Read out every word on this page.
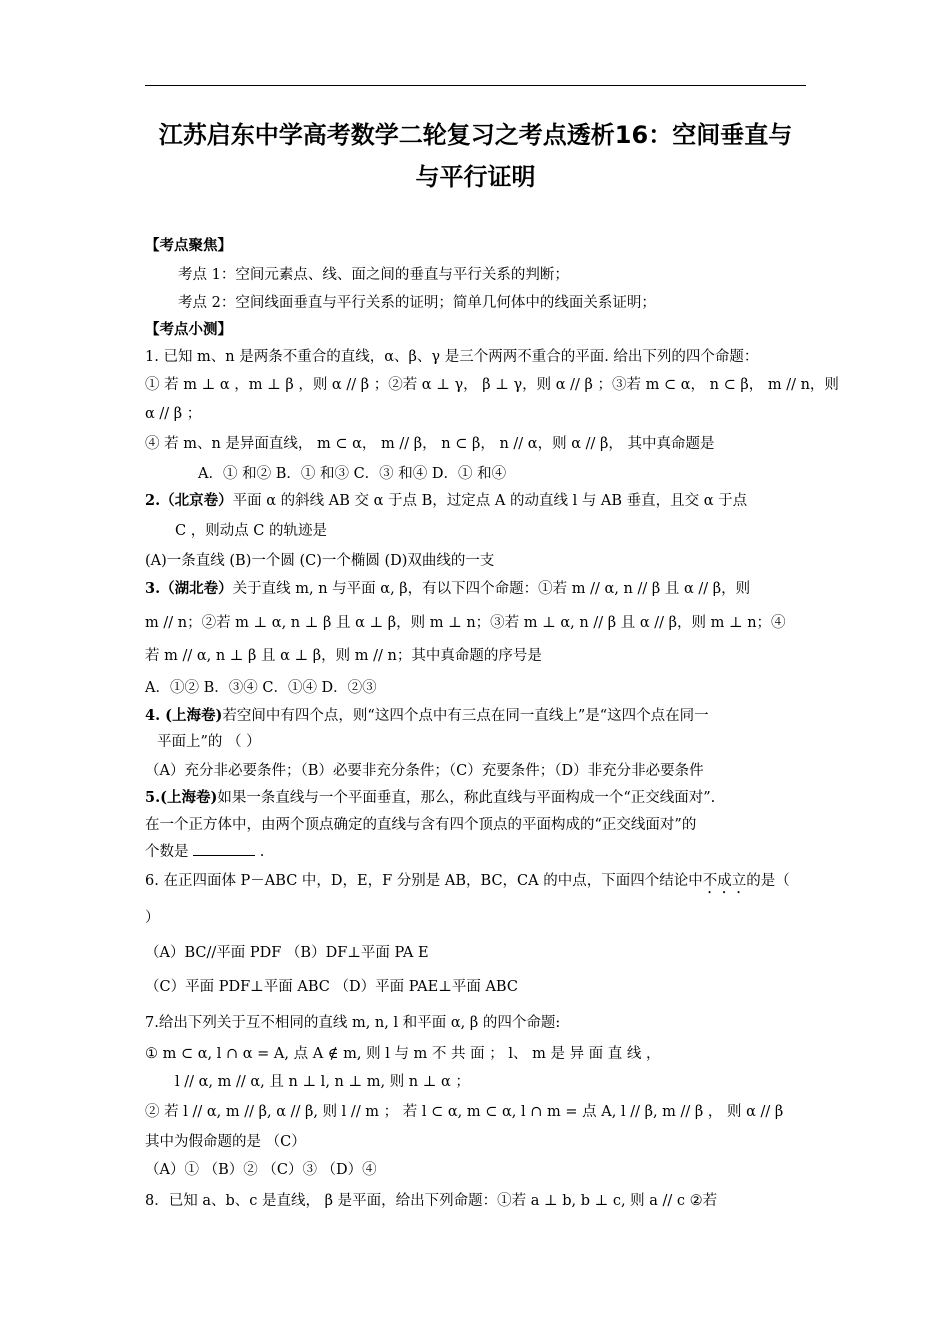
江苏启东中学高考数学二轮复习之考点透析16：空间垂直与
与平行证明
【考点聚焦】
考点 1：空间元素点、线、面之间的垂直与平行关系的判断；
考点 2：空间线面垂直与平行关系的证明；简单几何体中的线面关系证明；
【考点小测】
1. 已知 m、n 是两条不重合的直线，α、β、γ 是三个两两不重合的平面. 给出下列的四个命题：
① 若 m ⊥ α ，m ⊥ β ，则 α // β ；②若 α ⊥ γ， β ⊥ γ，则 α // β ；③若 m ⊂ α， n ⊂ β， m // n，则
α // β ；
④ 若 m、n 是异面直线， m ⊂ α， m // β， n ⊂ β， n // α，则 α // β， 其中真命题是
A．① 和② B．① 和③ C．③ 和④ D．① 和④
2.（北京卷）平面 α 的斜线 AB 交 α 于点 B，过定点 A 的动直线 l 与 AB 垂直，且交 α 于点
C ，则动点 C 的轨迹是
(A)一条直线 (B)一个圆 (C)一个椭圆 (D)双曲线的一支
3.（湖北卷）关于直线 m, n 与平面 α, β，有以下四个命题：①若 m // α, n // β 且 α // β，则
m // n；②若 m ⊥ α, n ⊥ β 且 α ⊥ β，则 m ⊥ n；③若 m ⊥ α, n // β 且 α // β，则 m ⊥ n；④
若 m // α, n ⊥ β 且 α ⊥ β，则 m // n；其中真命题的序号是
A．①② B．③④ C．①④ D．②③
4. (上海卷)若空间中有四个点，则“这四个点中有三点在同一直线上”是“这四个点在同一
平面上”的 （ ）
（A）充分非必要条件；（B）必要非充分条件；（C）充要条件；（D）非充分非必要条件
5.(上海卷)如果一条直线与一个平面垂直，那么，称此直线与平面构成一个“正交线面对”.
在一个正方体中，由两个顶点确定的直线与含有四个顶点的平面构成的“正交线面对”的
个数是	.
6. 在正四面体 P－ABC 中，D，E，F 分别是 AB，BC，CA 的中点，下面四个结论中不成立的是（
）
（A）BC//平面 PDF （B）DF⊥平面 PA E
（C）平面 PDF⊥平面 ABC （D）平面 PAE⊥平面 ABC
7.给出下列关于互不相同的直线 m, n, l 和平面 α, β 的四个命题:
① m ⊂ α, l ∩ α = A, 点 A ∉ m, 则 l 与 m 不 共 面 ； l、 m 是 异 面 直 线 ，
l // α, m // α, 且 n ⊥ l, n ⊥ m, 则 n ⊥ α ；
② 若 l // α, m // β, α // β, 则 l // m ； 若 l ⊂ α, m ⊂ α, l ∩ m = 点 A, l // β, m // β ， 则 α // β
其中为假命题的是 （C）
（A）① （B）② （C）③ （D）④
8．已知 a、b、c 是直线， β 是平面，给出下列命题：①若 a ⊥ b, b ⊥ c, 则 a // c ②若
